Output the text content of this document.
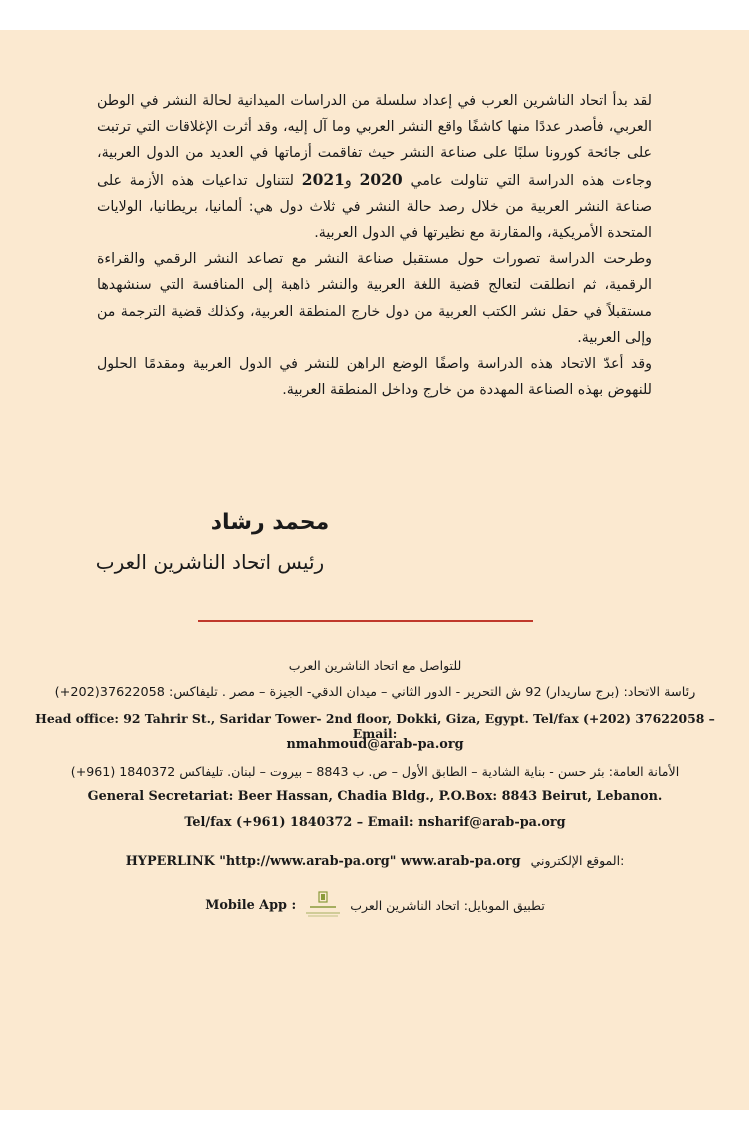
لقد بدأ اتحاد الناشرين العرب في إعداد سلسلة من الدراسات الميدانية لحالة النشر في الوطن العربي، فأصدر عددًا منها كاشفًا واقع النشر العربي وما آل إليه، وقد أثرت الإغلاقات التي ترتبت على جائحة كورونا سلبًا على صناعة النشر حيث تفاقمت أزماتها في العديد من الدول العربية، وجاءت هذه الدراسة التي تناولت عامي 2020 و2021 لتتناول تداعيات هذه الأزمة على صناعة النشر العربية من خلال رصد حالة النشر في ثلاث دول هي: ألمانيا، بريطانيا، الولايات المتحدة الأمريكية، والمقارنة مع نظيرتها في الدول العربية.

وطرحت الدراسة تصورات حول مستقبل صناعة النشر مع تصاعد النشر الرقمي والقراءة الرقمية، ثم انطلقت لتعالج قضية اللغة العربية والنشر ذاهبة إلى المنافسة التي سنشهدها مستقبلاً في حقل نشر الكتب العربية من دول خارج المنطقة العربية، وكذلك قضية الترجمة من وإلى العربية.

وقد أعدّ الاتحاد هذه الدراسة واصفًا الوضع الراهن للنشر في الدول العربية ومقدمًا الحلول للنهوض بهذه الصناعة المهددة من خارج وداخل المنطقة العربية.

محمد رشاد
رئيس اتحاد الناشرين العرب
للتواصل مع اتحاد الناشرين العرب
رئاسة الاتحاد: (برج ساريدار) 92 ش التحرير - الدور الثاني – ميدان الدقي- الجيزة – مصر . تليفاكس: 37622058(202+)
Head office: 92 Tahrir St., Saridar Tower- 2nd floor, Dokki, Giza, Egypt. Tel/fax (+202) 37622058 – Email:
nmahmoud@arab-pa.org
الأمانة العامة: بئر حسن - بناية الشادية – الطابق الأول – ص. ب 8843 – بيروت – لبنان. تليفاكس 1840372 (961+)
General Secretariat: Beer Hassan, Chadia Bldg., P.O.Box: 8843 Beirut, Lebanon.
Tel/fax (+961) 1840372 – Email: nsharif@arab-pa.org
HYPERLINK "http://www.arab-pa.org" www.arab-pa.org الموقع الإلكتروني:
Mobile App :	تطبيق الموبايل: اتحاد الناشرين العرب
